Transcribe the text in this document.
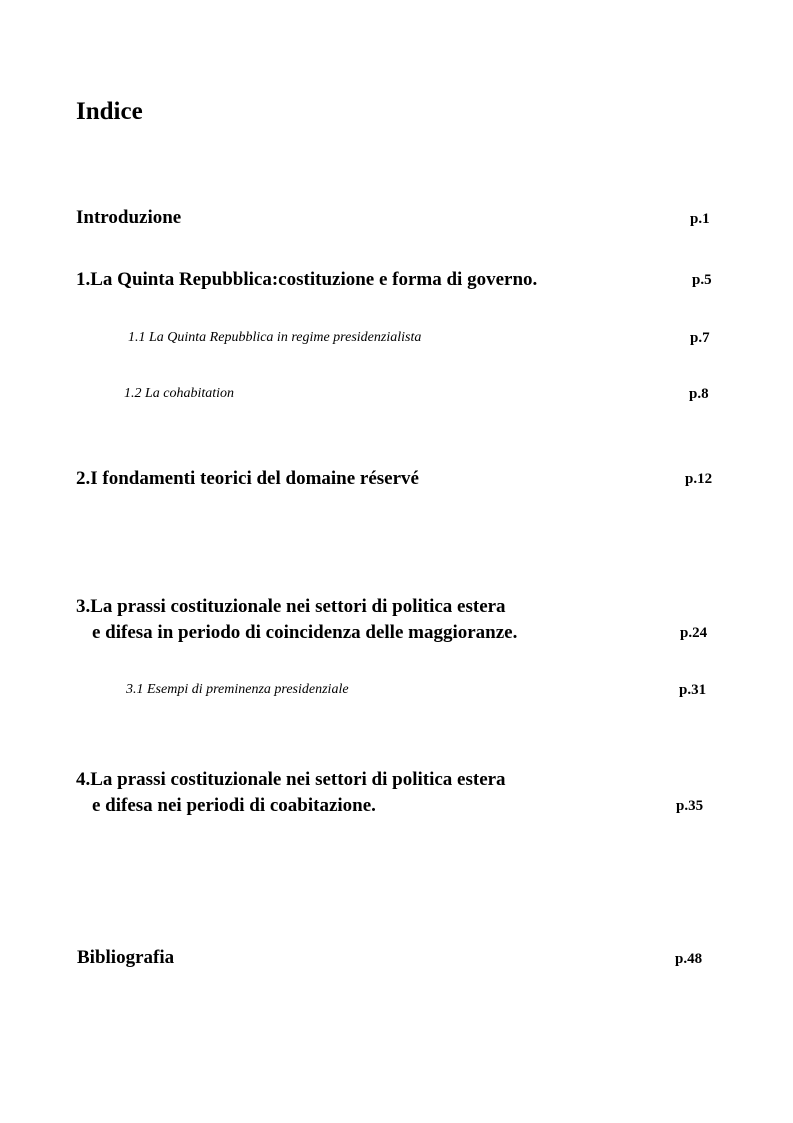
Indice
Introduzione	p.1
1.La Quinta Repubblica:costituzione e forma di governo.	p.5
1.1 La Quinta Repubblica in regime presidenzialista	p.7
1.2 La cohabitation	p.8
2.I fondamenti teorici del domaine réservé	p.12
3.La prassi costituzionale nei settori di politica estera
e difesa in periodo di coincidenza delle maggioranze.	p.24
3.1 Esempi di preminenza presidenziale	p.31
4.La prassi costituzionale nei settori di politica estera
e difesa nei periodi di coabitazione.	p.35
Bibliografia	p.48
